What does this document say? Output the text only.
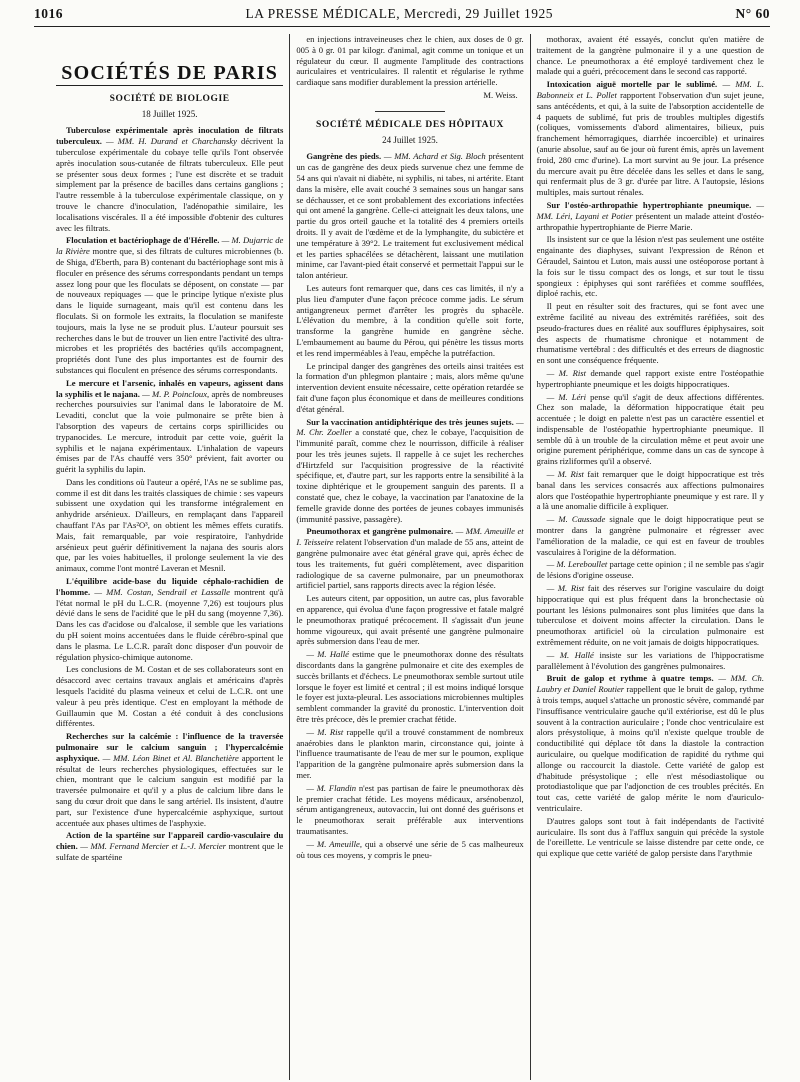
1016	LA PRESSE MÉDICALE, Mercredi, 29 Juillet 1925	N° 60
SOCIÉTÉS DE PARIS
SOCIÉTÉ DE BIOLOGIE
18 Juillet 1925.

Tuberculose expérimentale après inoculation de filtrats tuberculeux. — MM. H. Durand et Charchansky décrivent la tuberculose expérimentale du cobaye telle qu'ils l'ont observée après inoculation sous-cutanée de filtrats tuberculeux. Elle peut se présenter sous deux formes ; l'une est discrète et se traduit simplement par la présence de bacilles dans certains ganglions ; l'autre ressemble à la tuberculose expérimentale classique, on y trouve le chancre d'inoculation, l'adénopathie similaire, les localisations viscérales. Il a été impossible d'obtenir des cultures avec les filtrats.

Floculation et bactériophage de d'Hérelle. — M. Dujarric de la Rivière montre que, si des filtrats de cultures microbiennes (b. de Shiga, d'Eberth, para B) contenant du bactériophage sont mis à floculer en présence des sérums correspondants pendant un temps assez long pour que les floculats se déposent, on constate — par de nouveaux repiquages — que le principe lytique n'existe plus dans le liquide surnageant, mais qu'il est contenu dans les floculats. Si on formole les extraits, la floculation se manifeste toujours, mais la lyse ne se produit plus. L'auteur poursuit ses recherches dans le but de trouver un lien entre l'activité des ultra-microbes et les propriétés des bactéries qu'ils accompagnent, propriétés dont l'une des plus importantes est de fournir des substances qui floculent en présence des sérums correspondants.

Le mercure et l'arsenic, inhalés en vapeurs, agissent dans la syphilis et le najana. — M. P. Poincloux, après de nombreuses recherches poursuivies sur l'animal dans le laboratoire de M. Levaditi, conclut que la voie pulmonaire se prête bien à l'absorption des vapeurs de certains corps spirillicides ou trypanocides. Le mercure, introduit par cette voie, guérit la syphilis et le najana expérimentaux. L'inhalation de vapeurs émises par de l'As chauffé vers 350° prévient, fait avorter ou guérit la syphilis du lapin.

Dans les conditions où l'auteur a opéré, l'As ne se sublime pas, comme il est dit dans les traités classiques de chimie : ses vapeurs subissent une oxydation qui les transforme intégralement en anhydride arsénieux. D'ailleurs, en remplaçant dans l'appareil chauffant l'As par l'As²O³, on obtient les mêmes effets curatifs. Mais, fait remarquable, par voie respiratoire, l'anhydride arsénieux peut guérir définitivement la najana des souris alors que, par les voies habituelles, il prolonge seulement la vie des animaux, comme l'ont montré Laveran et Mesnil.

L'équilibre acide-base du liquide céphalo-rachidien de l'homme. — MM. Costan, Sendrail et Lassalle montrent qu'à l'état normal le pH du L.C.R. (moyenne 7,26) est toujours plus dévié dans le sens de l'acidité que le pH du sang (moyenne 7,36). Dans les cas d'acidose ou d'alcalose, il semble que les variations du pH soient moins accentuées dans le fluide cérébro-spinal que dans le plasma. Le L.C.R. paraît donc disposer d'un pouvoir de régulation physico-chimique autonome.

Les conclusions de M. Costan et de ses collaborateurs sont en désaccord avec certains travaux anglais et américains d'après lesquels l'acidité du plasma veineux et celui de L.C.R. ont une valeur à peu près identique. C'est en employant la méthode de Guillaumin que M. Costan a été conduit à des conclusions différentes.

Recherches sur la calcémie : l'influence de la traversée pulmonaire sur le calcium sanguin ; l'hypercalcémie asphyxique. — MM. Léon Binet et Al. Blanchetière apportent le résultat de leurs recherches physiologiques, effectuées sur le chien, montrant que le calcium sanguin est modifié par la traversée pulmonaire et qu'il y a plus de calcium libre dans le sang du cœur droit que dans le sang artériel. Ils insistent, d'autre part, sur l'existence d'une hypercalcémie asphyxique, surtout accentuée aux phases ultimes de l'asphyxie.

Action de la spartéine sur l'appareil cardio-vasculaire du chien. — MM. Fernand Mercier et L.-J. Mercier montrent que le sulfate de spartéine

en injections intraveineuses chez le chien, aux doses de 0 gr. 005 à 0 gr. 01 par kilogr. d'animal, agit comme un tonique et un régulateur du cœur. Il augmente l'amplitude des contractions auriculaires et ventriculaires. Il ralentit et régularise le rythme cardiaque sans modifier durablement la pression artérielle.

M. Weiss.
SOCIÉTÉ MÉDICALE DES HÔPITAUX
24 Juillet 1925.

Gangrène des pieds. — MM. Achard et Sig. Bloch présentent un cas de gangrène des deux pieds survenue chez une femme de 54 ans qui n'avait ni diabète, ni syphilis, ni tabes, ni artérite. Etant dans la misère, elle avait couché 3 semaines sous un hangar sans se déchausser, et ce sont probablement des excoriations infectées qui ont amené la gangrène. Celle-ci atteignait les deux talons, une partie du gros orteil gauche et la totalité des 4 premiers orteils droits. Il y avait de l'œdème et de la lymphangite, du subictère et une température à 39°2. Le traitement fut exclusivement médical et les parties sphacélées se détachèrent, laissant une mutilation minime, car l'avant-pied était conservé et permettait l'appui sur le talon antérieur.

Les auteurs font remarquer que, dans ces cas limités, il n'y a plus lieu d'amputer d'une façon précoce comme jadis. Le sérum antigangreneux permet d'arrêter les progrès du sphacèle. L'élévation du membre, à la condition qu'elle soit forte, transforme la gangrène humide en gangrène sèche. L'embaumement au baume du Pérou, qui pénètre les tissus morts et les rend imperméables à l'eau, empêche la putréfaction.

Le principal danger des gangrènes des orteils ainsi traitées est la formation d'un phlegmon plantaire ; mais, alors même qu'une intervention devient ensuite nécessaire, cette opération retardée se fait d'une façon plus économique et dans de meilleures conditions d'état général.

Sur la vaccination antidiphtérique des très jeunes sujets. — M. Chr. Zoeller a constaté que, chez le cobaye, l'acquisition de l'immunité paraît, comme chez le nourrisson, difficile à réaliser pour les très jeunes sujets. Il rappelle à ce sujet les recherches d'Hirtzfeld sur l'acquisition progressive de la réactivité spécifique, et, d'autre part, sur les rapports entre la sensibilité à la toxine diphtérique et le groupement sanguin des parents. Il a constaté que, chez le cobaye, la vaccination par l'anatoxine de la femelle gravide donne des portées de jeunes cobayes immunisés (immunité passive, passagère).

Pneumothorax et gangrène pulmonaire. — MM. Ameuille et I. Teisseire relatent l'observation d'un malade de 55 ans, atteint de gangrène pulmonaire avec état général grave qui, après échec de tous les traitements, fut guéri complètement, avec disparition radiologique de sa caverne pulmonaire, par un pneumothorax artificiel partiel, sans rapports directs avec la région lésée.

Les auteurs citent, par opposition, un autre cas, plus favorable en apparence, qui évolua d'une façon progressive et fatale malgré le pneumothorax pratiqué précocement. Il s'agissait d'un jeune homme vigoureux, qui avait présenté une gangrène pulmonaire après submersion dans l'eau de mer.

— M. Hallé estime que le pneumothorax donne des résultats discordants dans la gangrène pulmonaire et cite des exemples de succès brillants et d'échecs. Le pneumothorax semble surtout utile lorsque le foyer est limité et central ; il est moins indiqué lorsque le foyer est juxta-pleural. Les associations microbiennes multiples semblent commander la gravité du pronostic. L'intervention doit être très précoce, dès le premier crachat fétide.

— M. Rist rappelle qu'il a trouvé constamment de nombreux anaérobies dans le plankton marin, circonstance qui, jointe à l'influence traumatisante de l'eau de mer sur le poumon, explique l'apparition de la gangrène pulmonaire après submersion dans la mer.

— M. Flandin n'est pas partisan de faire le pneumothorax dès le premier crachat fétide. Les moyens médicaux, arsénobenzol, sérum antigangreneux, autovaccin, lui ont donné des guérisons et le pneumothorax serait préférable aux interventions traumatisantes.

— M. Ameuille, qui a observé une série de 5 cas malheureux où tous ces moyens, y compris le pneu-

mothorax, avaient été essayés, conclut qu'en matière de traitement de la gangrène pulmonaire il y a une question de chance. Le pneumothorax a été employé tardivement chez le malade qui a guéri, précocement dans le second cas rapporté.

Intoxication aiguë mortelle par le sublimé. — MM. L. Babonneix et L. Pollet rapportent l'observation d'un sujet jeune, sans antécédents, et qui, à la suite de l'absorption accidentelle de 4 paquets de sublimé, fut pris de troubles multiples digestifs (coliques, vomissements d'abord alimentaires, bilieux, puis franchement hémorragiques, diarrhée incoercible) et urinaires (anurie absolue, sauf au 6e jour où furent émis, après un lavement froid, 280 cmc d'urine). La mort survint au 9e jour. La présence du mercure avait pu être décelée dans les selles et dans le sang, qui renfermait plus de 3 gr. d'urée par litre. A l'autopsie, lésions multiples, mais surtout rénales.

Sur l'ostéo-arthropathie hypertrophiante pneumique. — MM. Léri, Layani et Potier présentent un malade atteint d'ostéo-arthropathie hypertrophiante de Pierre Marie.

Ils insistent sur ce que la lésion n'est pas seulement une ostéite engainante des diaphyses, suivant l'expression de Rénon et Géraudel, Saintou et Luton, mais aussi une ostéoporose portant à la fois sur le tissu compact des os longs, et sur tout le tissu spongieux : épiphyses qui sont raréfiées et comme soufflées, diploé rachis, etc.

Il peut en résulter soit des fractures, qui se font avec une extrême facilité au niveau des extrémités raréfiées, soit des pseudo-fractures dues en réalité aux soufflures épiphysaires, soit des aspects de rhumatisme chronique et notamment de rhumatisme vertébral : des difficultés et des erreurs de diagnostic en sont une conséquence fréquente.

— M. Rist demande quel rapport existe entre l'ostéopathie hypertrophiante pneumique et les doigts hippocratiques.

— M. Léri pense qu'il s'agit de deux affections différentes. Chez son malade, la déformation hippocratique était peu accentuée ; le doigt en palette n'est pas un caractère essentiel et indispensable de l'ostéopathie hypertrophiante pneumique. Il semble dû à un trouble de la circulation même et peut avoir une origine purement périphérique, comme dans un cas de syncope à grains rizliformes qu'il a observé.

— M. Rist fait remarquer que le doigt hippocratique est très banal dans les services consacrés aux affections pulmonaires alors que l'ostéopathie hypertrophiante pneumique y est rare. Il y a là une anomalie difficile à expliquer.

— M. Caussade signale que le doigt hippocratique peut se montrer dans la gangrène pulmonaire et régresser avec l'amélioration de la maladie, ce qui est en faveur de troubles vasculaires à l'origine de la déformation.

— M. Lereboullet partage cette opinion ; il ne semble pas s'agir de lésions d'origine osseuse.

— M. Rist fait des réserves sur l'origine vasculaire du doigt hippocratique qui est plus fréquent dans la bronchectasie où pourtant les lésions pulmonaires sont plus limitées que dans la tuberculose et doivent moins affecter la circulation. Dans le pneumothorax artificiel où la circulation pulmonaire est extrêmement réduite, on ne voit jamais de doigts hippocratiques.

— M. Hallé insiste sur les variations de l'hippocratisme parallèlement à l'évolution des gangrènes pulmonaires.

Bruit de galop et rythme à quatre temps. — MM. Ch. Laubry et Daniel Routier rappellent que le bruit de galop, rythme à trois temps, auquel s'attache un pronostic sévère, commandé par l'insuffisance ventriculaire gauche qu'il extériorise, est dû le plus souvent à la contraction auriculaire ; l'onde choc ventriculaire est alors présystolique, à moins qu'il n'existe quelque trouble de conductibilité qui déplace tôt dans la diastole la contraction auriculaire, ou quelque modification de rapidité du rythme qui allonge ou raccourcit la diastole. Cette variété de galop est d'habitude présystolique ; elle n'est mésodiastolique ou protodiastolique que par l'adjonction de ces troubles précités. En tout cas, cette variété de galop mérite le nom d'auriculo-ventriculaire.

D'autres galops sont tout à fait indépendants de l'activité auriculaire. Ils sont dus à l'afflux sanguin qui précède la systole de l'oreillette. Le ventricule se laisse distendre par cette onde, ce qui explique que cette variété de galop persiste dans l'arythmie
